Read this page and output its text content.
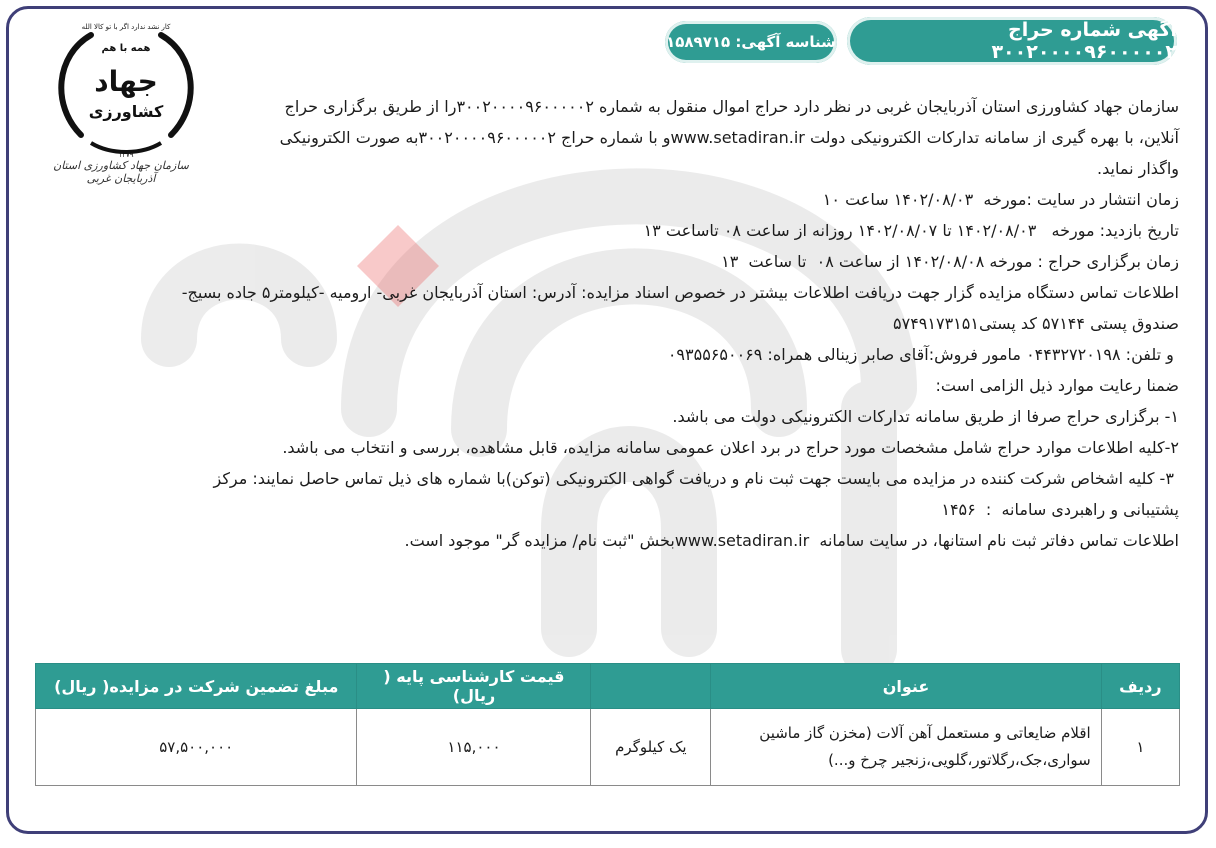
آگهی شماره حراج ۳۰۰۲۰۰۰۰۹۶۰۰۰۰۰۲
شناسه آگهی: ۱۵۸۹۷۱۵
کار نشد ندارد اگر با تو کالا الله
همه با هم
جهاد
کشاورزی
۱۳۷۹
سازمان جهاد کشاورزی استان آذربایجان غربی

سازمان جهاد کشاورزی استان آذربایجان غربی در نظر دارد حراج اموال منقول به شماره ۳۰۰۲۰۰۰۰۹۶۰۰۰۰۰۲را از طریق برگزاری حراج

آنلاین، با بهره گیری از سامانه تدارکات الکترونیکی دولت www.setadiran.irو با شماره حراج ۳۰۰۲۰۰۰۰۹۶۰۰۰۰۰۲به صورت الکترونیکی

واگذار نماید.

زمان انتشار در سایت :مورخه  ۱۴۰۲/۰۸/۰۳ ساعت ۱۰

تاریخ بازدید: مورخه   ۱۴۰۲/۰۸/۰۳ تا ۱۴۰۲/۰۸/۰۷ روزانه از ساعت ۰۸ تاساعت ۱۳

زمان برگزاری حراج : مورخه ۱۴۰۲/۰۸/۰۸ از ساعت ۰۸  تا ساعت  ۱۳

اطلاعات تماس دستگاه مزایده گزار جهت دریافت اطلاعات بیشتر در خصوص اسناد مزایده: آدرس: استان آذربایجان غربی- ارومیه -کیلومتر۵ جاده بسیج-

صندوق پستی ۵۷۱۴۴ کد پستی۵۷۴۹۱۷۳۱۵۱

و تلفن: ۰۴۴۳۲۷۲۰۱۹۸ مامور فروش:آقای صابر زینالی همراه: ۰۹۳۵۵۶۵۰۰۶۹

ضمنا رعایت موارد ذیل الزامی است:

۱- برگزاری حراج صرفا از طریق سامانه تدارکات الکترونیکی دولت می باشد.

۲-کلیه اطلاعات موارد حراج شامل مشخصات مورد حراج در برد اعلان عمومی سامانه مزایده، قابل مشاهده، بررسی و انتخاب می باشد.

۳- کلیه اشخاص شرکت کننده در مزایده می بایست جهت ثبت نام و دریافت گواهی الکترونیکی (توکن)با شماره های ذیل تماس حاصل نمایند: مرکز

پشتیبانی و راهبردی سامانه  :  ۱۴۵۶

اطلاعات تماس دفاتر ثبت نام استانها، در سایت سامانه  www.setadiran.irبخش "ثبت نام/ مزایده گر" موجود است.

ردیف	عنوان		قیمت کارشناسی پایه ( ریال)	مبلغ تضمین شرکت در مزایده( ریال)
۱	اقلام ضایعاتی و مستعمل آهن آلات (مخزن گاز ماشین
سواری،جک،رگلاتور،گلویی،زنجیر چرخ و...)	یک کیلوگرم	۱۱۵,۰۰۰	۵۷,۵۰۰,۰۰۰
